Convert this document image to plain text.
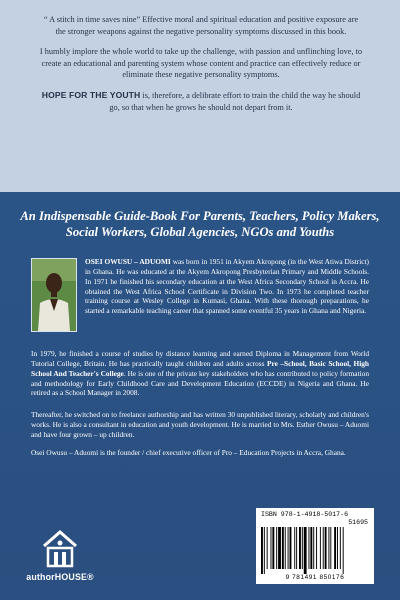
“ A stitch in time saves nine” Effective moral and spiritual education and positive exposure are the stronger weapons against the negative personality symptoms discussed in this book.

I humbly implore the whole world to take up the challenge, with passion and unflinching love, to create an educational and parenting system whose content and practice can effectively reduce or eliminate these negative personality symptoms.

HOPE FOR THE YOUTH is, therefore, a delibrate effort to train the child the way he should go, so that when he grows he should not depart from it.

An Indispensable Guide-Book For Parents, Teachers, Policy Makers, Social Workers, Global Agencies, NGOs and Youths
OSEI OWUSU – ADUOMI was born in 1951 in Akyem Akropong (in the West Atiwa District) in Ghana. He was educated at the Akyem Akropong Presbyterian Primary and Middle Schools. In 1971 he finished his secondary education at the West Africa Secondary School in Accra. He obtained the West Africa School Certificate in Division Two. In 1973 he completed teacher training course at Wesley College in Kumasi, Ghana. With these thorough preparations, he started a remarkable teaching career that spanned some eventful 35 years in Ghana and Nigeria.
In 1979, he finished a course of studies by distance learning and earned Diploma in Management from World Tutorial College, Britain. He has practically taught children and adults across Pre –School, Basic School, High School And Teacher's College. He is one of the private key stakeholders who has contributed to policy formation and methodology for Early Childhood Care and Development Education (ECCDE) in Nigeria and Ghana. He retired as a School Manager in 2008.
Thereafter, he switched on to freelance authorship and has written 30 unpublished literary, scholarly and children's works. He is also a consultant in education and youth development. He is married to Mrs. Esther Owusu – Aduomi and have four grown – up children.
Osei Owusu – Aduomi is the founder / chief executive officer of Pro – Education Projects in Accra, Ghana.
authorHOUSE®
ISBN 978-1-4918-5017-6
51695
9 781491 850176
